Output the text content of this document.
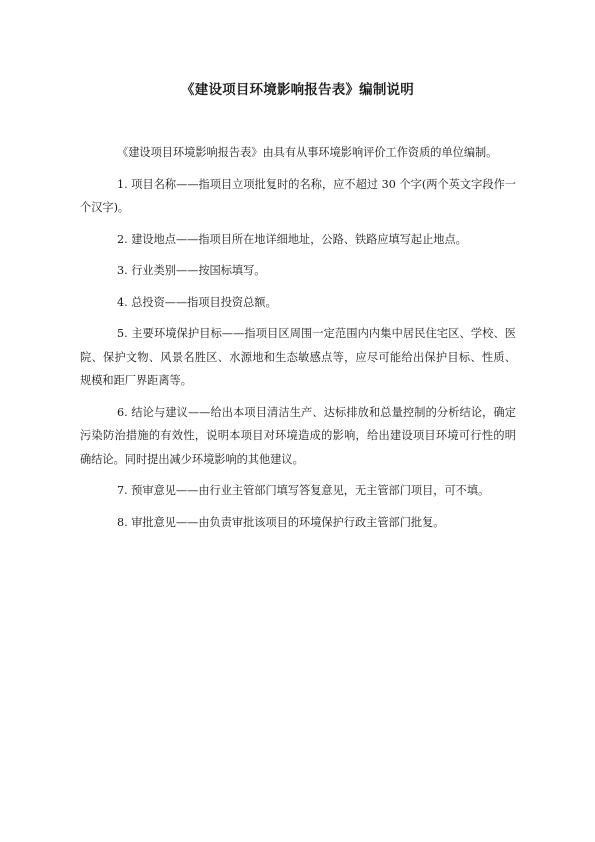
《建设项目环境影响报告表》编制说明

《建设项目环境影响报告表》由具有从事环境影响评价工作资质的单位编制。

1. 项目名称——指项目立项批复时的名称，应不超过 30 个字(两个英文字段作一个汉字)。

2. 建设地点——指项目所在地详细地址，公路、铁路应填写起止地点。

3. 行业类别——按国标填写。

4. 总投资——指项目投资总额。

5. 主要环境保护目标——指项目区周围一定范围内内集中居民住宅区、学校、医院、保护文物、风景名胜区、水源地和生态敏感点等，应尽可能给出保护目标、性质、规模和距厂界距离等。

6. 结论与建议——给出本项目清洁生产、达标排放和总量控制的分析结论，确定污染防治措施的有效性，说明本项目对环境造成的影响，给出建设项目环境可行性的明确结论。同时提出减少环境影响的其他建议。

7. 预审意见——由行业主管部门填写答复意见，无主管部门项目，可不填。

8. 审批意见——由负责审批该项目的环境保护行政主管部门批复。
